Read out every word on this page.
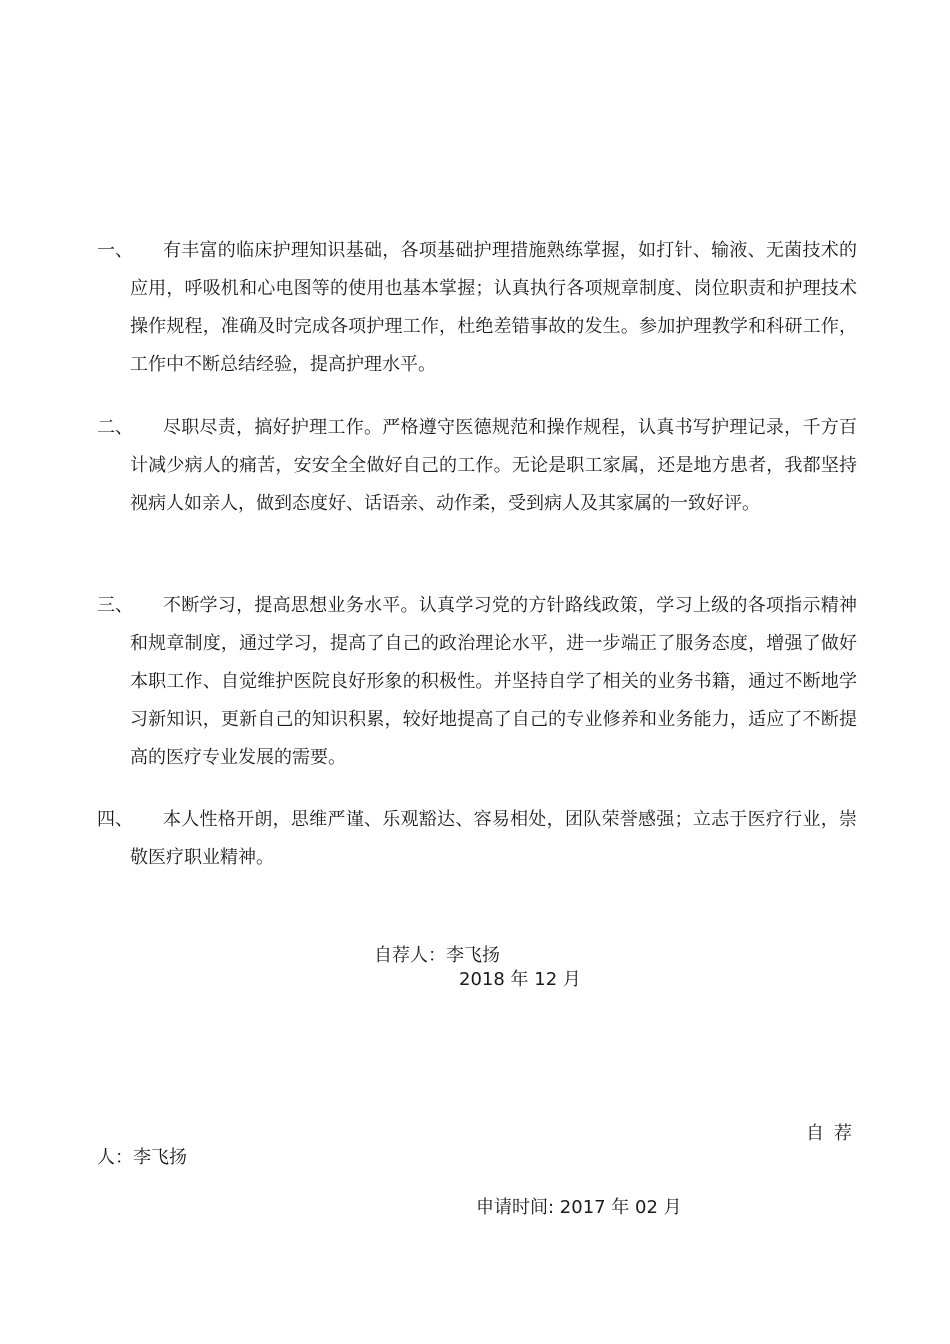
一、	有丰富的临床护理知识基础，各项基础护理措施熟练掌握，如打针、输液、无菌技术的应用，呼吸机和心电图等的使用也基本掌握；认真执行各项规章制度、岗位职责和护理技术操作规程，准确及时完成各项护理工作，杜绝差错事故的发生。参加护理教学和科研工作，工作中不断总结经验，提高护理水平。
二、	尽职尽责，搞好护理工作。严格遵守医德规范和操作规程，认真书写护理记录，千方百计减少病人的痛苦，安安全全做好自己的工作。无论是职工家属，还是地方患者，我都坚持视病人如亲人，做到态度好、话语亲、动作柔，受到病人及其家属的一致好评。
三、	不断学习，提高思想业务水平。认真学习党的方针路线政策，学习上级的各项指示精神和规章制度，通过学习，提高了自己的政治理论水平，进一步端正了服务态度，增强了做好本职工作、自觉维护医院良好形象的积极性。并坚持自学了相关的业务书籍，通过不断地学习新知识，更新自己的知识积累，较好地提高了自己的专业修养和业务能力，适应了不断提高的医疗专业发展的需要。
四、	本人性格开朗，思维严谨、乐观豁达、容易相处，团队荣誉感强；立志于医疗行业，崇敬医疗职业精神。
自荐人：李飞扬
2018 年 12 月
自荐
人：李飞扬
申请时间: 2017 年 02 月
